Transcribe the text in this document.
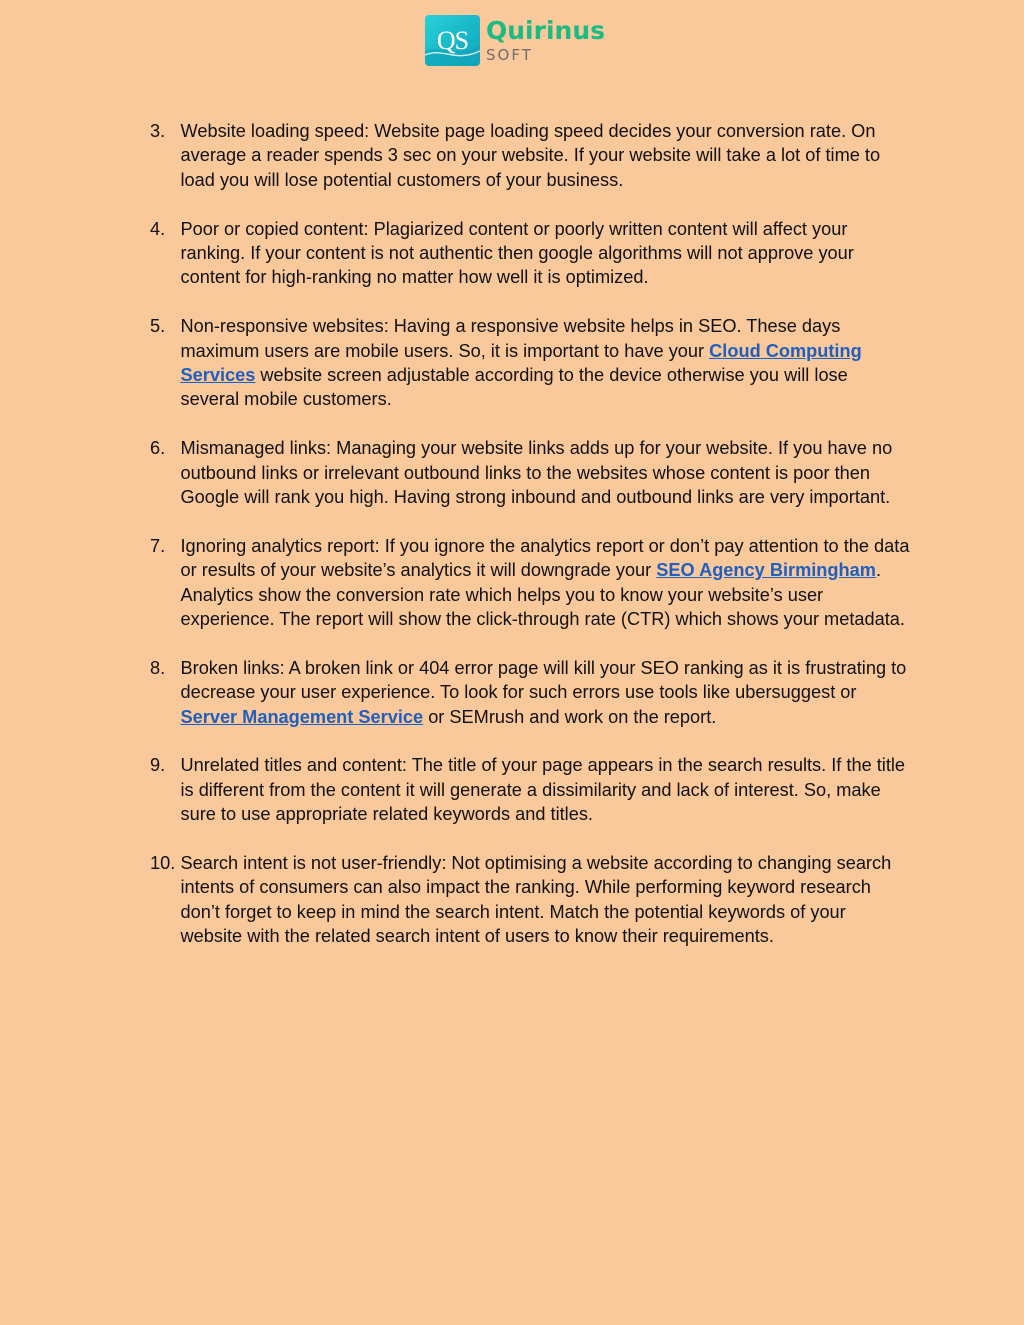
QS Quirinus
SOFT
3. Website loading speed: Website page loading speed decides your conversion rate. On average a reader spends 3 sec on your website. If your website will take a lot of time to load you will lose potential customers of your business.
4. Poor or copied content: Plagiarized content or poorly written content will affect your ranking. If your content is not authentic then google algorithms will not approve your content for high-ranking no matter how well it is optimized.
5. Non-responsive websites: Having a responsive website helps in SEO. These days maximum users are mobile users. So, it is important to have your Cloud Computing Services website screen adjustable according to the device otherwise you will lose several mobile customers.
6. Mismanaged links: Managing your website links adds up for your website. If you have no outbound links or irrelevant outbound links to the websites whose content is poor then Google will rank you high. Having strong inbound and outbound links are very important.
7. Ignoring analytics report: If you ignore the analytics report or don’t pay attention to the data or results of your website’s analytics it will downgrade your SEO Agency Birmingham. Analytics show the conversion rate which helps you to know your website’s user experience. The report will show the click-through rate (CTR) which shows your metadata.
8. Broken links: A broken link or 404 error page will kill your SEO ranking as it is frustrating to decrease your user experience. To look for such errors use tools like ubersuggest or Server Management Service or SEMrush and work on the report.
9. Unrelated titles and content: The title of your page appears in the search results. If the title is different from the content it will generate a dissimilarity and lack of interest. So, make sure to use appropriate related keywords and titles.
10. Search intent is not user-friendly: Not optimising a website according to changing search intents of consumers can also impact the ranking. While performing keyword research don’t forget to keep in mind the search intent. Match the potential keywords of your website with the related search intent of users to know their requirements.
